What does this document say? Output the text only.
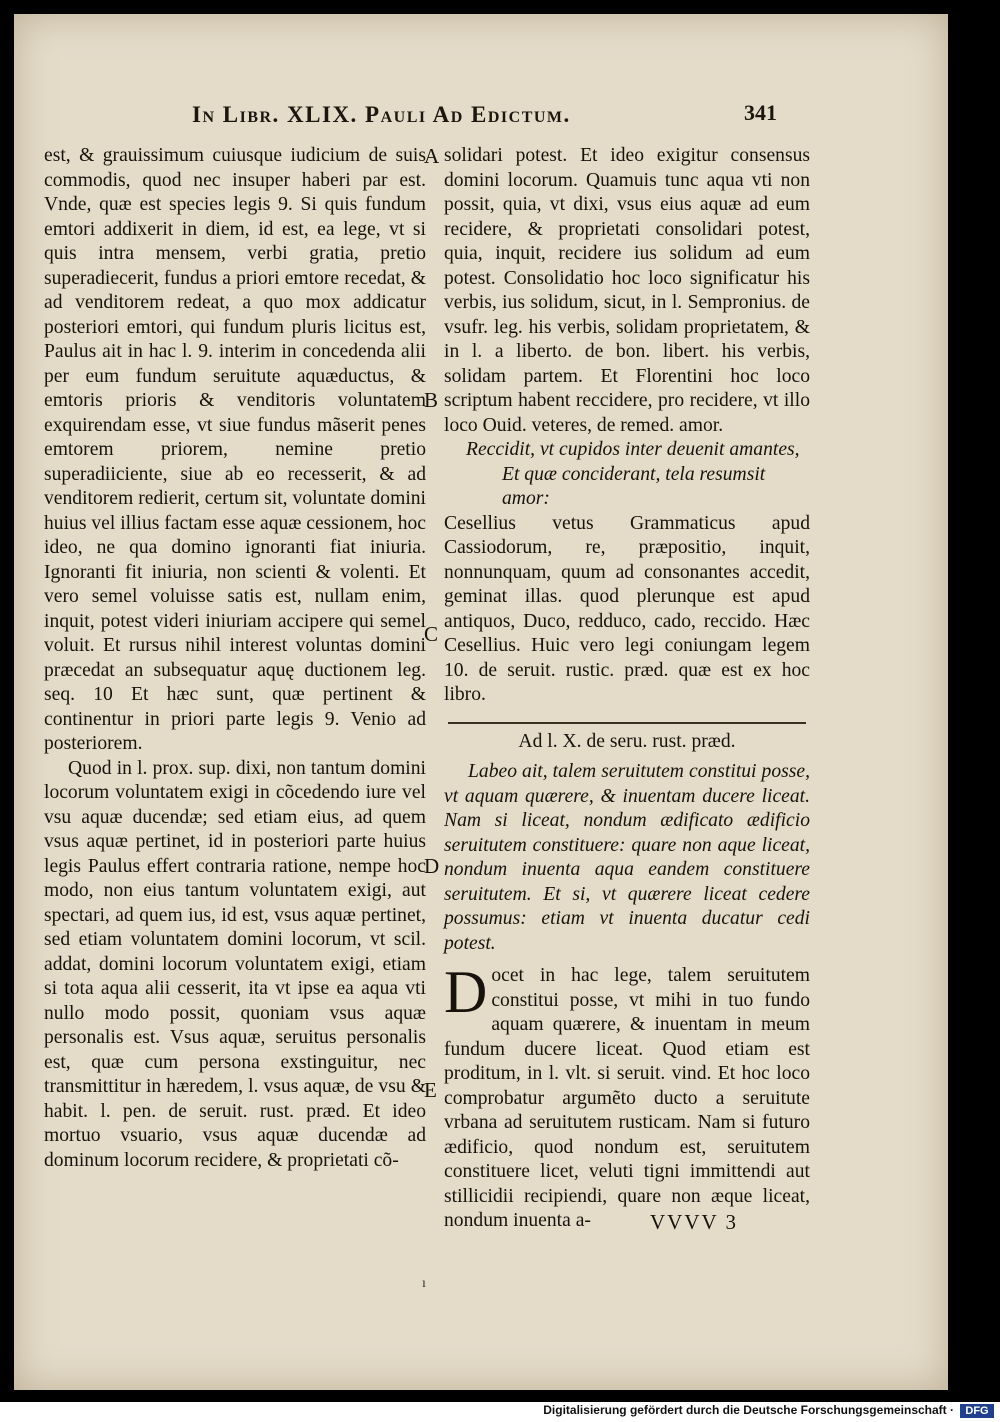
In Libr. XLIX. Pauli Ad Edictum.	341

est, & grauissimum cuiusque iudicium de suis commodis, quod nec insuper haberi par est. Vnde, quæ est species legis 9. Si quis fundum emtori addixerit in diem, id est, ea lege, vt si quis intra mensem, verbi gratia, pretio superadiecerit, fundus a priori emtore recedat, & ad venditorem redeat, a quo mox addicatur posteriori emtori, qui fundum pluris licitus est, Paulus ait in hac l. 9. interim in concedenda alii per eum fundum seruitute aquæductus, & emtoris prioris & venditoris voluntatem exquirendam esse, vt siue fundus mãserit penes emtorem priorem, nemine pretio superadiiciente, siue ab eo recesserit, & ad venditorem redierit, certum sit, voluntate domini huius vel illius factam esse aquæ cessionem, hoc ideo, ne qua domino ignoranti fiat iniuria. Ignoranti fit iniuria, non scienti & volenti. Et vero semel voluisse satis est, nullam enim, inquit, potest videri iniuriam accipere qui semel voluit. Et rursus nihil interest voluntas domini præcedat an subsequatur aquę ductionem leg. seq. 10 Et hæc sunt, quæ pertinent & continentur in priori parte legis 9. Venio ad posteriorem.

Quod in l. prox. sup. dixi, non tantum domini locorum voluntatem exigi in cõcedendo iure vel vsu aquæ ducendæ; sed etiam eius, ad quem vsus aquæ pertinet, id in posteriori parte huius legis Paulus effert contraria ratione, nempe hoc modo, non eius tantum voluntatem exigi, aut spectari, ad quem ius, id est, vsus aquæ pertinet, sed etiam voluntatem domini locorum, vt scil. addat, domini locorum voluntatem exigi, etiam si tota aqua alii cesserit, ita vt ipse ea aqua vti nullo modo possit, quoniam vsus aquæ personalis est. Vsus aquæ, seruitus personalis est, quæ cum persona exstinguitur, nec transmittitur in hæredem, l. vsus aquæ, de vsu & habit. l. pen. de seruit. rust. præd. Et ideo mortuo vsuario, vsus aquæ ducendæ ad dominum locorum recidere, & proprietati cõ-

A
B
C
D
E

solidari potest. Et ideo exigitur consensus domini locorum. Quamuis tunc aqua vti non possit, quia, vt dixi, vsus eius aquæ ad eum recidere, & proprietati consolidari potest, quia, inquit, recidere ius solidum ad eum potest. Consolidatio hoc loco significatur his verbis, ius solidum, sicut, in l. Sempronius. de vsufr. leg. his verbis, solidam proprietatem, & in l. a liberto. de bon. libert. his verbis, solidam partem. Et Florentini hoc loco scriptum habent reccidere, pro recidere, vt illo loco Ouid. veteres, de remed. amor.

Reccidit, vt cupidos inter deuenit amantes,
Et quæ conciderant, tela resumsit amor:

Cesellius vetus Grammaticus apud Cassiodorum, re, præpositio, inquit, nonnunquam, quum ad consonantes accedit, geminat illas. quod plerunque est apud antiquos, Duco, redduco, cado, reccido. Hæc Cesellius. Huic vero legi coniungam legem 10. de seruit. rustic. præd. quæ est ex hoc libro.

Ad l. X. de seru. rust. præd.

Labeo ait, talem seruitutem constitui posse, vt aquam quærere, & inuentam ducere liceat. Nam si liceat, nondum ædificato ædificio seruitutem constituere: quare non aque liceat, nondum inuenta aqua eandem constituere seruitutem. Et si, vt quærere liceat cedere possumus: etiam vt inuenta ducatur cedi potest.

Docet in hac lege, talem seruitutem constitui posse, vt mihi in tuo fundo aquam quærere, & inuentam in meum fundum ducere liceat. Quod etiam est proditum, in l. vlt. si seruit. vind. Et hoc loco comprobatur argumẽto ducto a seruitute vrbana ad seruitutem rusticam. Nam si futuro ædificio, quod nondum est, seruitutem constituere licet, veluti tigni immittendi aut stillicidii recipiendi, quare non æque liceat, nondum inuenta a-	VVVV 3
ı
Digitalisierung gefördert durch die Deutsche Forschungsgemeinschaft ·	DFG
